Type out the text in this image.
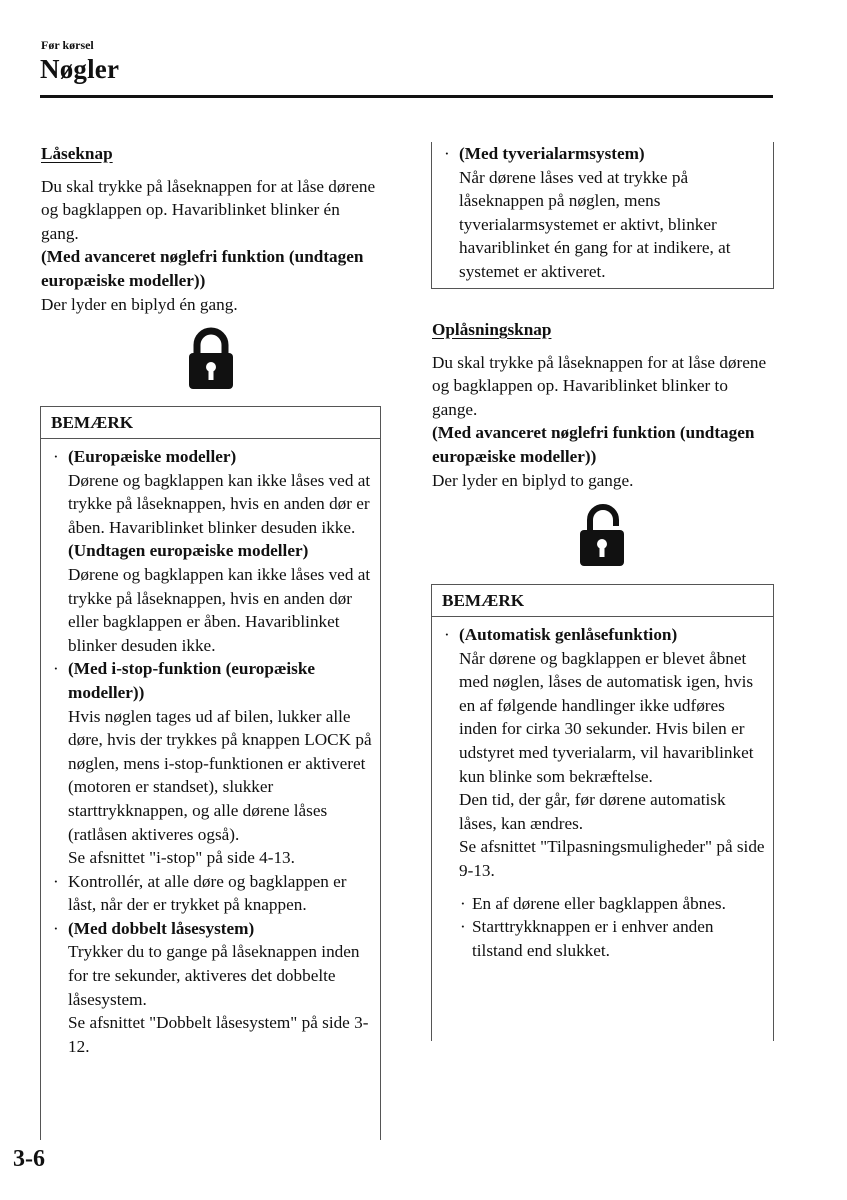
Før kørsel
Nøgler
Låseknap

Du skal trykke på låseknappen for at låse dørene og bagklappen op. Havariblinket blinker én gang.

(Med avanceret nøglefri funktion (undtagen europæiske modeller))

Der lyder en biplyd én gang.

BEMÆRK
· (Europæiske modeller)

Dørene og bagklappen kan ikke låses ved at trykke på låseknappen, hvis en anden dør er åben. Havariblinket blinker desuden ikke.

(Undtagen europæiske modeller)

Dørene og bagklappen kan ikke låses ved at trykke på låseknappen, hvis en anden dør eller bagklappen er åben. Havariblinket blinker desuden ikke.

· (Med i-stop-funktion (europæiske modeller))

Hvis nøglen tages ud af bilen, lukker alle døre, hvis der trykkes på knappen LOCK på nøglen, mens i-stop-funktionen er aktiveret (motoren er standset), slukker starttrykknappen, og alle dørene låses (ratlåsen aktiveres også).

Se afsnittet "i-stop" på side 4-13.

· Kontrollér, at alle døre og bagklappen er låst, når der er trykket på knappen.

· (Med dobbelt låsesystem)

Trykker du to gange på låseknappen inden for tre sekunder, aktiveres det dobbelte låsesystem.

Se afsnittet "Dobbelt låsesystem" på side 3-12.

· (Med tyverialarmsystem)

Når dørene låses ved at trykke på låseknappen på nøglen, mens tyverialarmsystemet er aktivt, blinker havariblinket én gang for at indikere, at systemet er aktiveret.

Oplåsningsknap

Du skal trykke på låseknappen for at låse dørene og bagklappen op. Havariblinket blinker to gange.

(Med avanceret nøglefri funktion (undtagen europæiske modeller))

Der lyder en biplyd to gange.

BEMÆRK
· (Automatisk genlåsefunktion)

Når dørene og bagklappen er blevet åbnet med nøglen, låses de automatisk igen, hvis en af følgende handlinger ikke udføres inden for cirka 30 sekunder. Hvis bilen er udstyret med tyverialarm, vil havariblinket kun blinke som bekræftelse.

Den tid, der går, før dørene automatisk låses, kan ændres.

Se afsnittet "Tilpasningsmuligheder" på side 9-13.

· En af dørene eller bagklappen åbnes.

· Starttrykknappen er i enhver anden tilstand end slukket.

3-6
